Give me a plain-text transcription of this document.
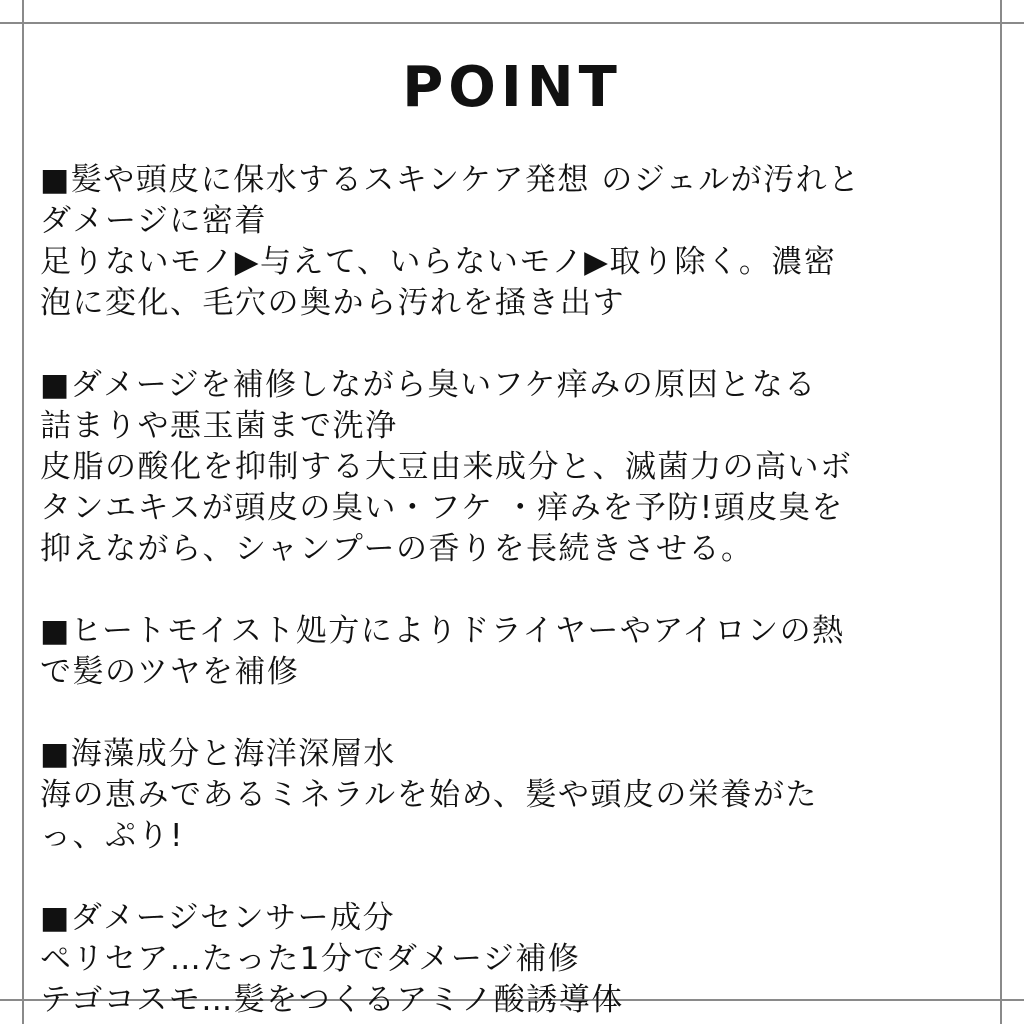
POINT
■髪や頭皮に保水するスキンケア発想 のジェルが汚れと
ダメージに密着
足りないモノ▶与えて、いらないモノ▶取り除く。濃密
泡に変化、毛穴の奥から汚れを掻き出す
■ダメージを補修しながら臭いフケ痒みの原因となる
詰まりや悪玉菌まで洗浄
皮脂の酸化を抑制する大豆由来成分と、滅菌力の高いボ
タンエキスが頭皮の臭い・フケ ・痒みを予防!頭皮臭を
抑えながら、シャンプーの香りを長続きさせる。
■ヒートモイスト処方によりドライヤーやアイロンの熱
で髪のツヤを補修
■海藻成分と海洋深層水
海の恵みであるミネラルを始め、髪や頭皮の栄養がた
っ、ぷり!
■ダメージセンサー成分
ペリセア…たった1分でダメージ補修
テゴコスモ…髪をつくるアミノ酸誘導体
